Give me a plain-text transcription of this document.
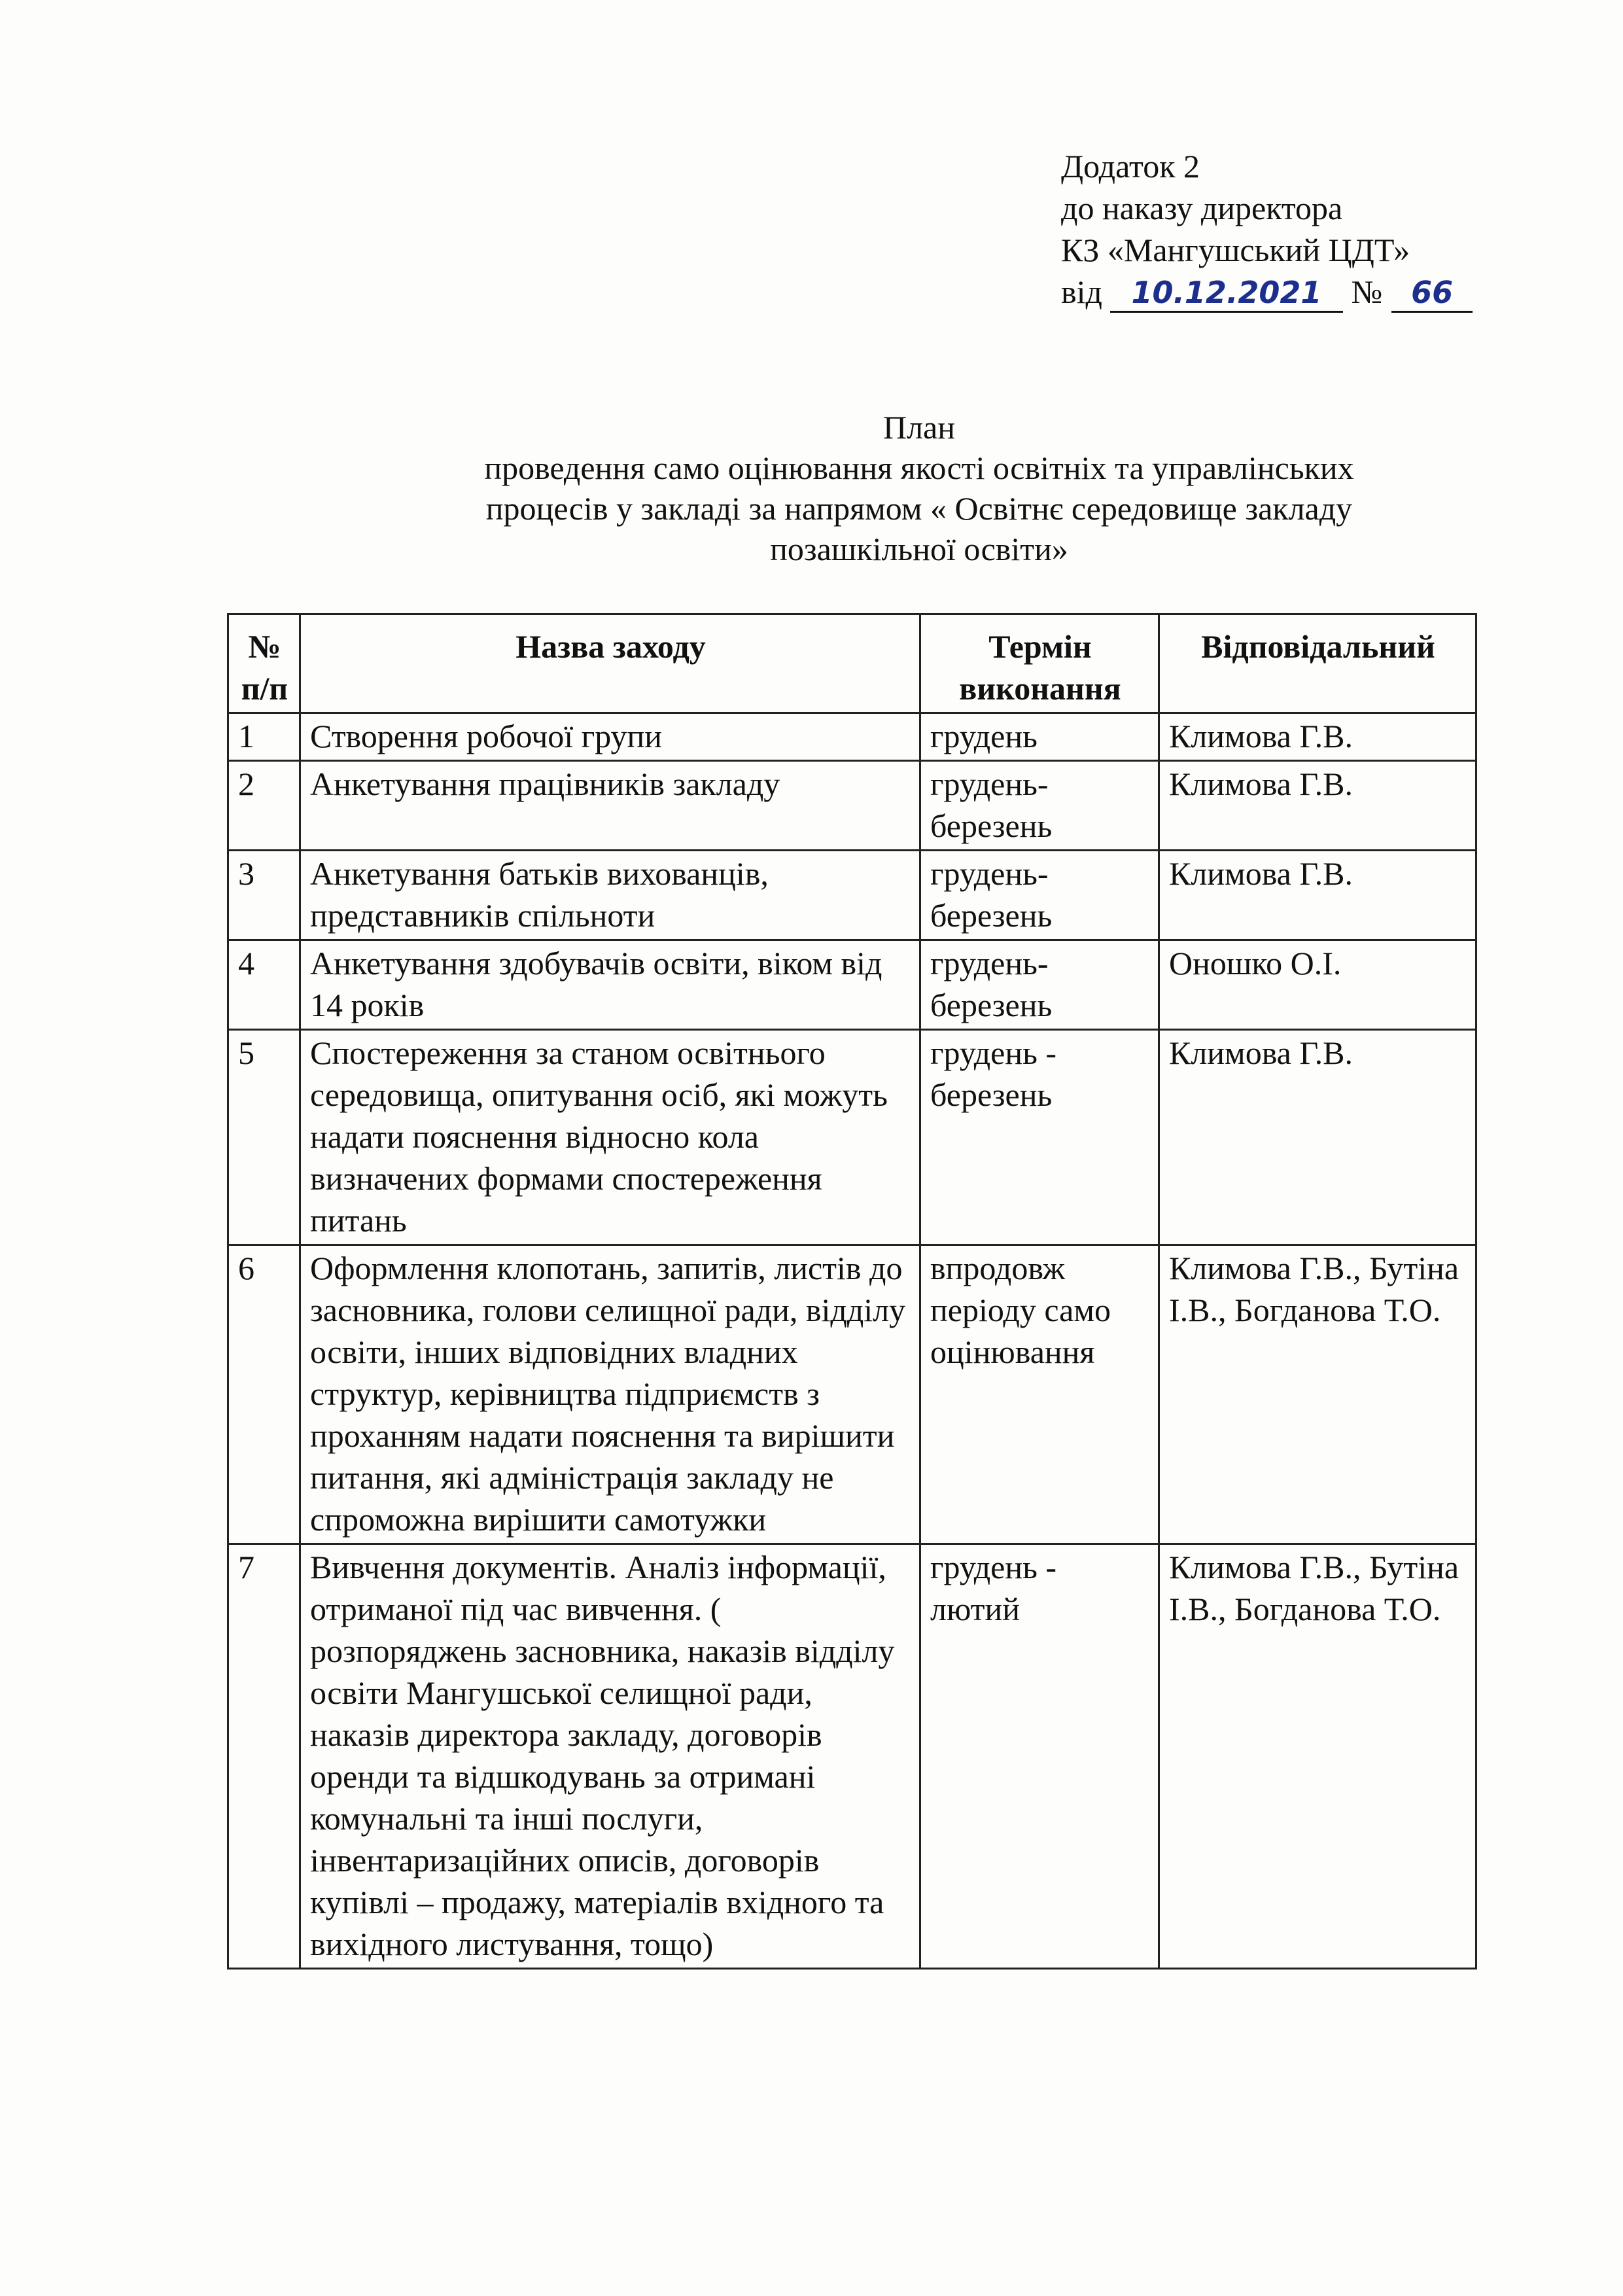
Додаток 2
до наказу директора
КЗ «Мангушський ЦДТ»
від 10.12.2021 № 66
План
проведення само оцінювання якості освітніх та управлінських
процесів у закладі за напрямом « Освітнє середовище закладу
позашкільної освіти»
№ п/п	Назва заходу	Термін виконання	Відповідальний
1	Створення робочої групи	грудень	Климова Г.В.
2	Анкетування працівників закладу	грудень-березень	Климова Г.В.
3	Анкетування батьків вихованців, представників спільноти	грудень-березень	Климова Г.В.
4	Анкетування здобувачів освіти, віком від 14 років	грудень-березень	Оношко О.І.
5	Спостереження за станом освітнього середовища, опитування осіб, які можуть надати пояснення відносно кола визначених формами спостереження питань	грудень - березень	Климова Г.В.
6	Оформлення клопотань, запитів, листів до засновника, голови селищної ради, відділу освіти, інших відповідних владних структур, керівництва підприємств з проханням надати пояснення та вирішити питання, які адміністрація закладу не спроможна вирішити самотужки	впродовж періоду само оцінювання	Климова Г.В., Бутіна І.В., Богданова Т.О.
7	Вивчення документів. Аналіз інформації, отриманої під час вивчення. ( розпоряджень засновника, наказів відділу освіти Мангушської селищної ради, наказів директора закладу, договорів оренди та відшкодувань за отримані комунальні та інші послуги, інвентаризаційних описів, договорів купівлі – продажу, матеріалів вхідного та вихідного листування, тощо)	грудень - лютий	Климова Г.В., Бутіна І.В., Богданова Т.О.
